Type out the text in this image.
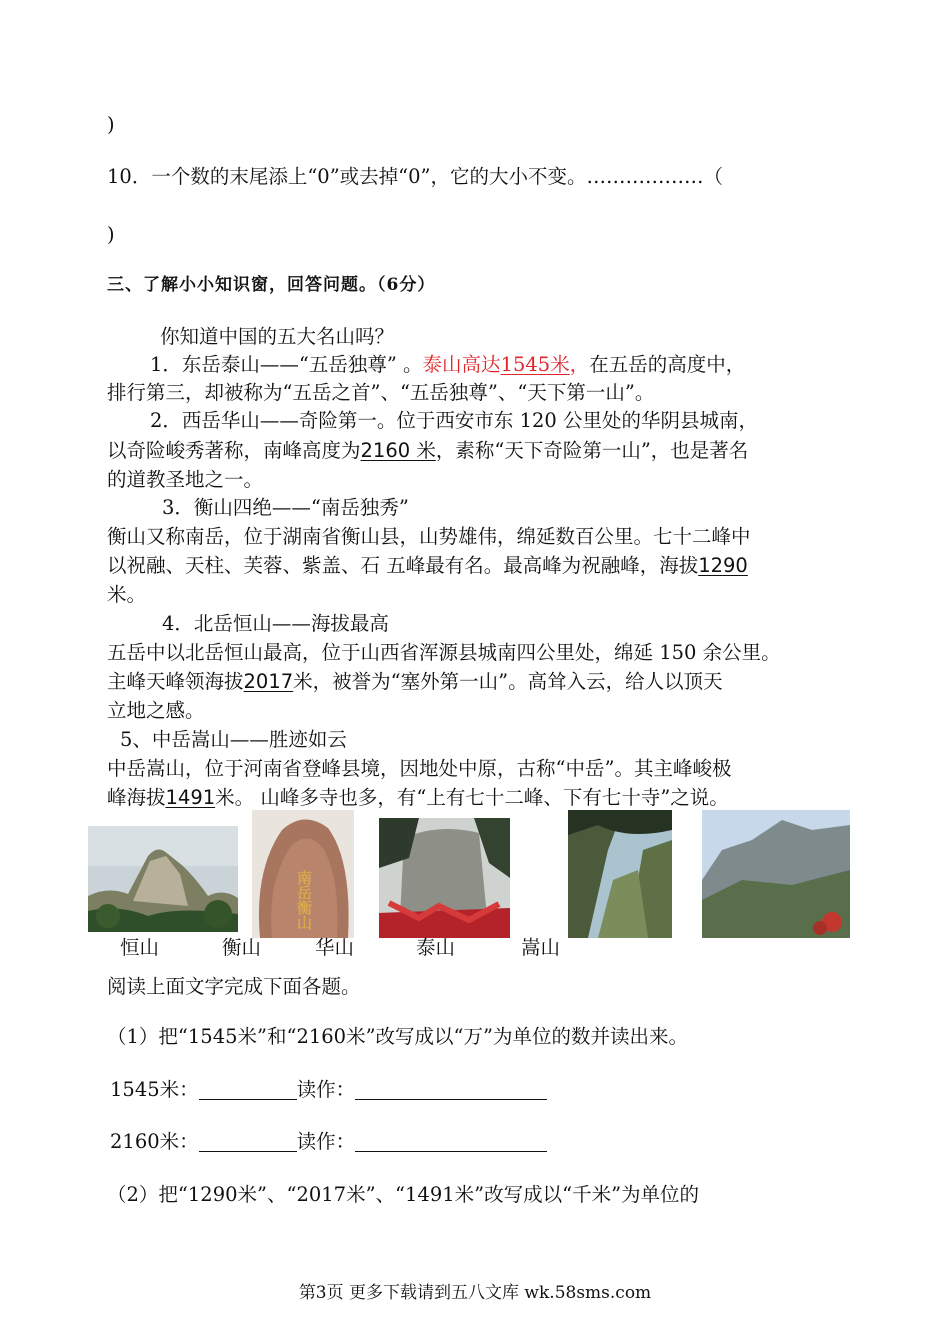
)
10．一个数的末尾添上“0”或去掉“0”，它的大小不变。………………（
)
三、了解小小知识窗，回答问题。（6分）
你知道中国的五大名山吗？
1．东岳泰山——“五岳独尊” 。泰山高达1545米，在五岳的高度中，
排行第三，却被称为“五岳之首”、“五岳独尊”、“天下第一山”。
2．西岳华山——奇险第一。位于西安市东 120 公里处的华阴县城南，
以奇险峻秀著称，南峰高度为2160 米，素称“天下奇险第一山”，也是著名
的道教圣地之一。
3．衡山四绝——“南岳独秀”
衡山又称南岳，位于湖南省衡山县，山势雄伟，绵延数百公里。七十二峰中
以祝融、天柱、芙蓉、紫盖、石 五峰最有名。最高峰为祝融峰，海拔1290
米。
4．北岳恒山——海拔最高
五岳中以北岳恒山最高，位于山西省浑源县城南四公里处，绵延 150 余公里。
主峰天峰领海拔2017米，被誉为“塞外第一山”。高耸入云，给人以顶天
立地之感。
5、中岳嵩山——胜迹如云
中岳嵩山，位于河南省登峰县境，因地处中原，古称“中岳”。其主峰峻极
峰海拔1491米。 山峰多寺也多，有“上有七十二峰、下有七十寺”之说。
南岳衡山
恒山	衡山	华山	泰山	嵩山
阅读上面文字完成下面各题。
（1）把“1545米”和“2160米”改写成以“万”为单位的数并读出来。
1545米：	读作：
2160米：	读作：
（2）把“1290米”、“2017米”、“1491米”改写成以“千米”为单位的
第3页 更多下载请到五八文库 wk.58sms.com
